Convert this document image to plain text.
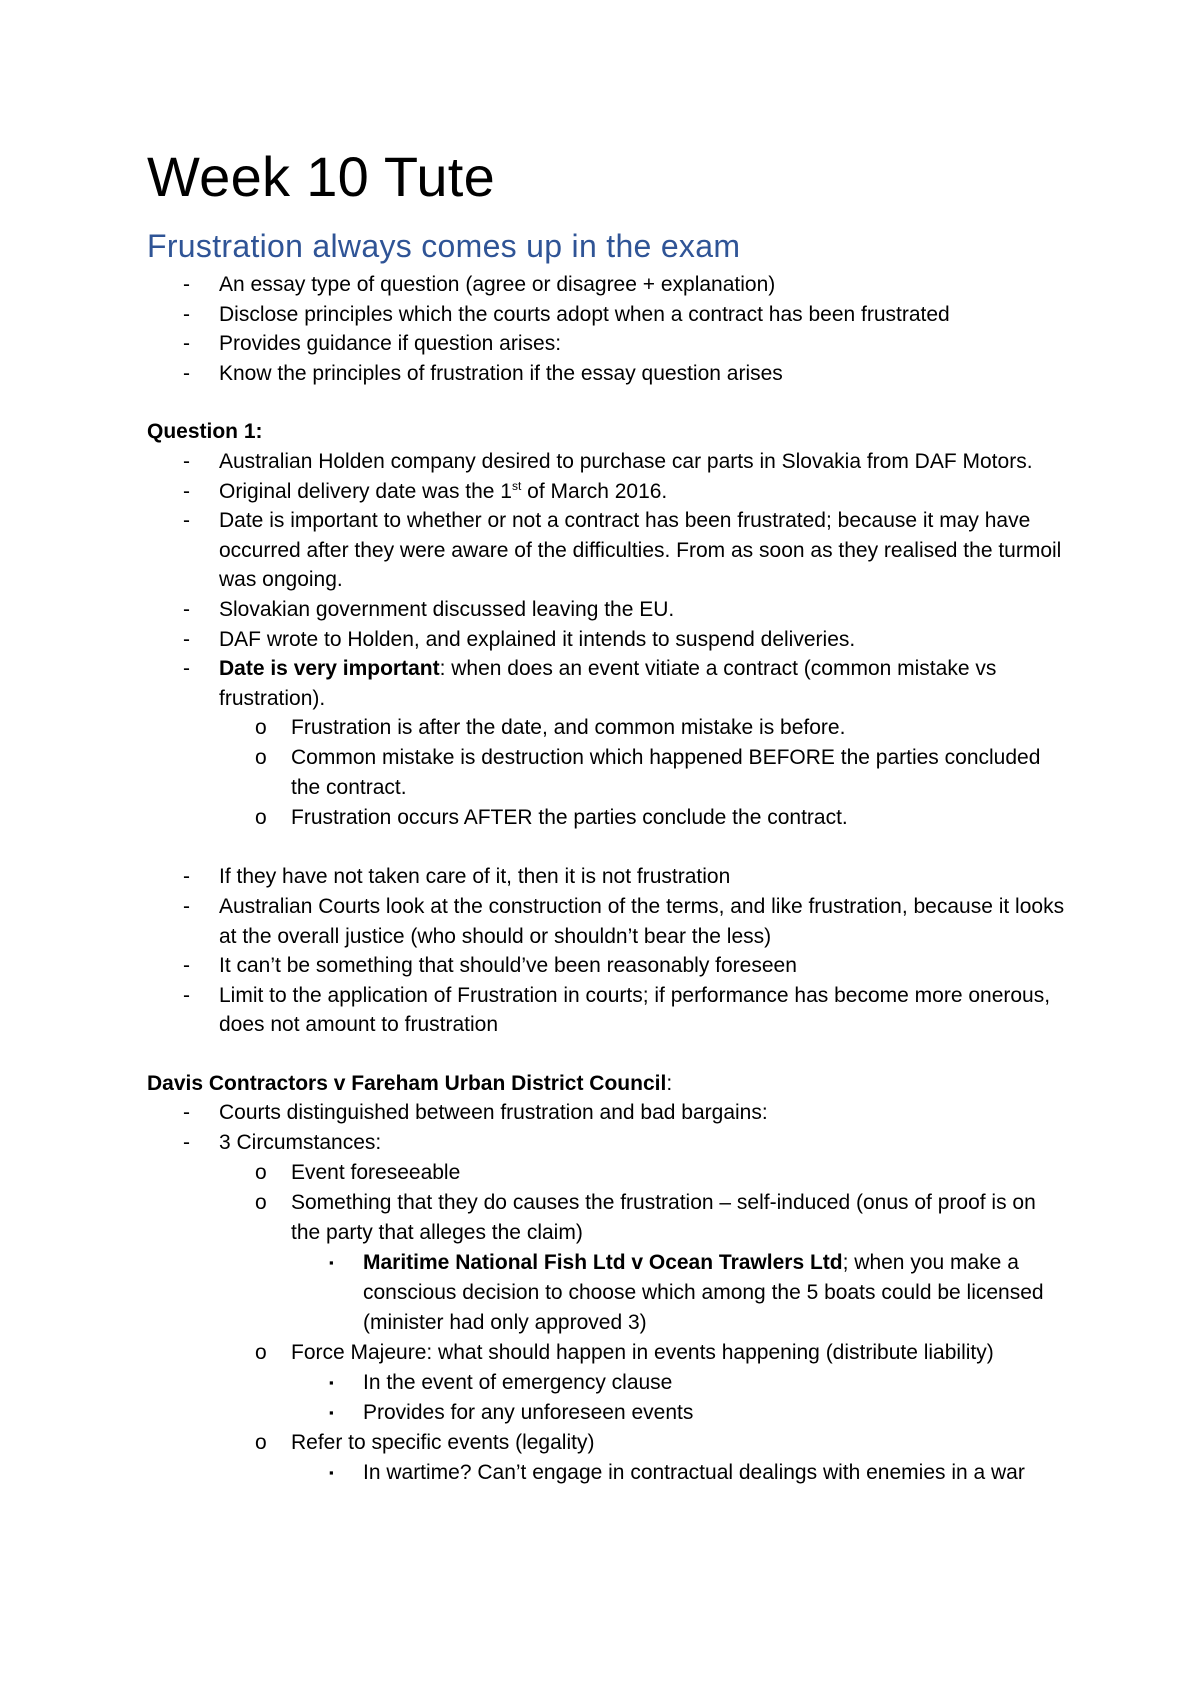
Week 10 Tute
Frustration always comes up in the exam
- An essay type of question (agree or disagree + explanation)
- Disclose principles which the courts adopt when a contract has been frustrated
- Provides guidance if question arises:
- Know the principles of frustration if the essay question arises

Question 1:

- Australian Holden company desired to purchase car parts in Slovakia from DAF Motors.
- Original delivery date was the 1st of March 2016.
- Date is important to whether or not a contract has been frustrated; because it may have occurred after they were aware of the difficulties. From as soon as they realised the turmoil was ongoing.
- Slovakian government discussed leaving the EU.
- DAF wrote to Holden, and explained it intends to suspend deliveries.
- Date is very important: when does an event vitiate a contract (common mistake vs frustration).
o Frustration is after the date, and common mistake is before.
o Common mistake is destruction which happened BEFORE the parties concluded the contract.
o Frustration occurs AFTER the parties conclude the contract.
- If they have not taken care of it, then it is not frustration
- Australian Courts look at the construction of the terms, and like frustration, because it looks at the overall justice (who should or shouldn’t bear the less)
- It can’t be something that should’ve been reasonably foreseen
- Limit to the application of Frustration in courts; if performance has become more onerous, does not amount to frustration

Davis Contractors v Fareham Urban District Council:

- Courts distinguished between frustration and bad bargains:
- 3 Circumstances:
o Event foreseeable
o Something that they do causes the frustration – self-induced (onus of proof is on the party that alleges the claim)
▪ Maritime National Fish Ltd v Ocean Trawlers Ltd; when you make a conscious decision to choose which among the 5 boats could be licensed (minister had only approved 3)
o Force Majeure: what should happen in events happening (distribute liability)
▪ In the event of emergency clause
▪ Provides for any unforeseen events
o Refer to specific events (legality)
▪ In wartime? Can’t engage in contractual dealings with enemies in a war
